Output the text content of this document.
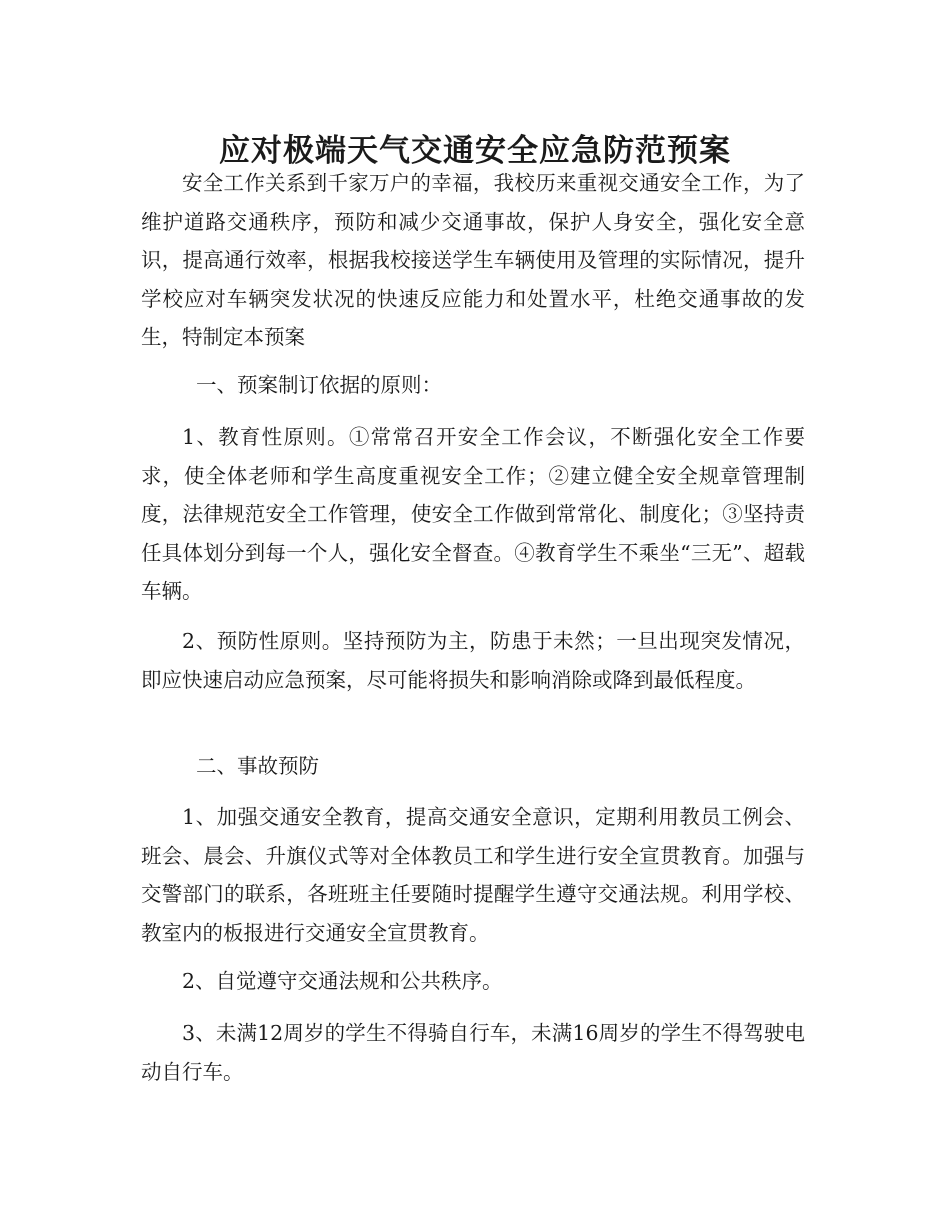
应对极端天气交通安全应急防范预案

安全工作关系到千家万户的幸福，我校历来重视交通安全工作，为了维护道路交通秩序，预防和减少交通事故，保护人身安全，强化安全意识，提高通行效率，根据我校接送学生车辆使用及管理的实际情况，提升学校应对车辆突发状况的快速反应能力和处置水平，杜绝交通事故的发生，特制定本预案

一、预案制订依据的原则：

1、教育性原则。①常常召开安全工作会议，不断强化安全工作要求，使全体老师和学生高度重视安全工作；②建立健全安全规章管理制度，法律规范安全工作管理，使安全工作做到常常化、制度化；③坚持责任具体划分到每一个人，强化安全督查。④教育学生不乘坐“三无”、超载车辆。

2、预防性原则。坚持预防为主，防患于未然；一旦出现突发情况，即应快速启动应急预案，尽可能将损失和影响消除或降到最低程度。

二、事故预防

1、加强交通安全教育，提高交通安全意识，定期利用教员工例会、班会、晨会、升旗仪式等对全体教员工和学生进行安全宣贯教育。加强与交警部门的联系，各班班主任要随时提醒学生遵守交通法规。利用学校、教室内的板报进行交通安全宣贯教育。

2、自觉遵守交通法规和公共秩序。

3、未满12周岁的学生不得骑自行车，未满16周岁的学生不得驾驶电动自行车。
